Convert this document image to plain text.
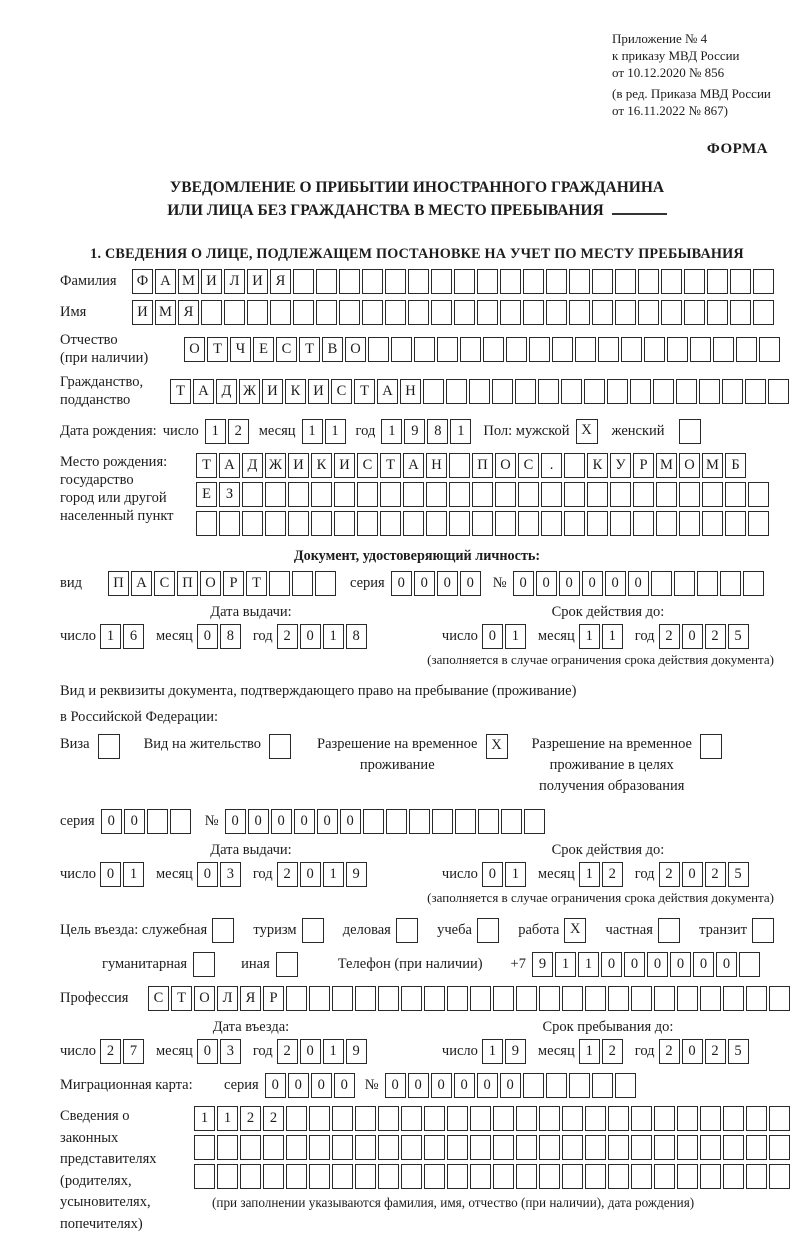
Приложение № 4
к приказу МВД России
от 10.12.2020 № 856
(в ред. Приказа МВД России
от 16.11.2022 № 867)
ФОРМА
УВЕДОМЛЕНИЕ О ПРИБЫТИИ ИНОСТРАННОГО ГРАЖДАНИНА
ИЛИ ЛИЦА БЕЗ ГРАЖДАНСТВА В МЕСТО ПРЕБЫВАНИЯ
1. СВЕДЕНИЯ О ЛИЦЕ, ПОДЛЕЖАЩЕМ ПОСТАНОВКЕ НА УЧЕТ ПО МЕСТУ ПРЕБЫВАНИЯ
Фамилия	Ф А М И Л И Я
Имя	И М Я
Отчество
(при наличии)
О Т Ч Е С Т В О
Гражданство,
подданство
Т А Д Ж И К И С Т А Н
Дата рождения: число 1	2	месяц 1	1	год 1	9	8	1	Пол: мужской X	женский
Место рождения:
государство
город или другой
населенный пункт
Т А Д Ж И К И С Т А Н	П О С	.	К У Р М О М Б
Е	З
Документ, удостоверяющий личность:
вид	П А С П О Р	Т	серия 0	0	0	0	№ 0	0	0	0	0	0
Дата выдачи:
число 1	6	месяц 0	8	год 2	0	1	8
Срок действия до:
число 0	1	месяц 1	1	год 2	0	2	5
(заполняется в случае ограничения срока действия документа)
Вид и реквизиты документа, подтверждающего право на пребывание (проживание)
в Российской Федерации:
Виза	Вид на жительство	Разрешение на временное
проживание
X	Разрешение на временное
проживание в целях
получения образования
серия 0	0	№ 0	0	0	0	0	0
Дата выдачи:
число 0	1	месяц 0	3	год 2	0	1	9
Срок действия до:
число 0	1	месяц 1	2	год 2	0	2	5
(заполняется в случае ограничения срока действия документа)
Цель въезда: служебная	туризм	деловая	учеба	работа X	частная	транзит
гуманитарная	иная	Телефон (при наличии) +7 9	1	1	0	0	0	0	0	0
Профессия	С Т О Л Я Р
Дата въезда:
число 2	7	месяц 0	3	год 2	0	1	9
Срок пребывания до:
число 1	9	месяц 1	2	год 2	0	2	5
Миграционная карта:	серия 0	0	0	0	№ 0	0	0	0	0	0
Сведения о
законных
представителях
(родителях,
усыновителях,
попечителях)
1	1	2	2
(при заполнении указываются фамилия, имя, отчество (при наличии), дата рождения)
